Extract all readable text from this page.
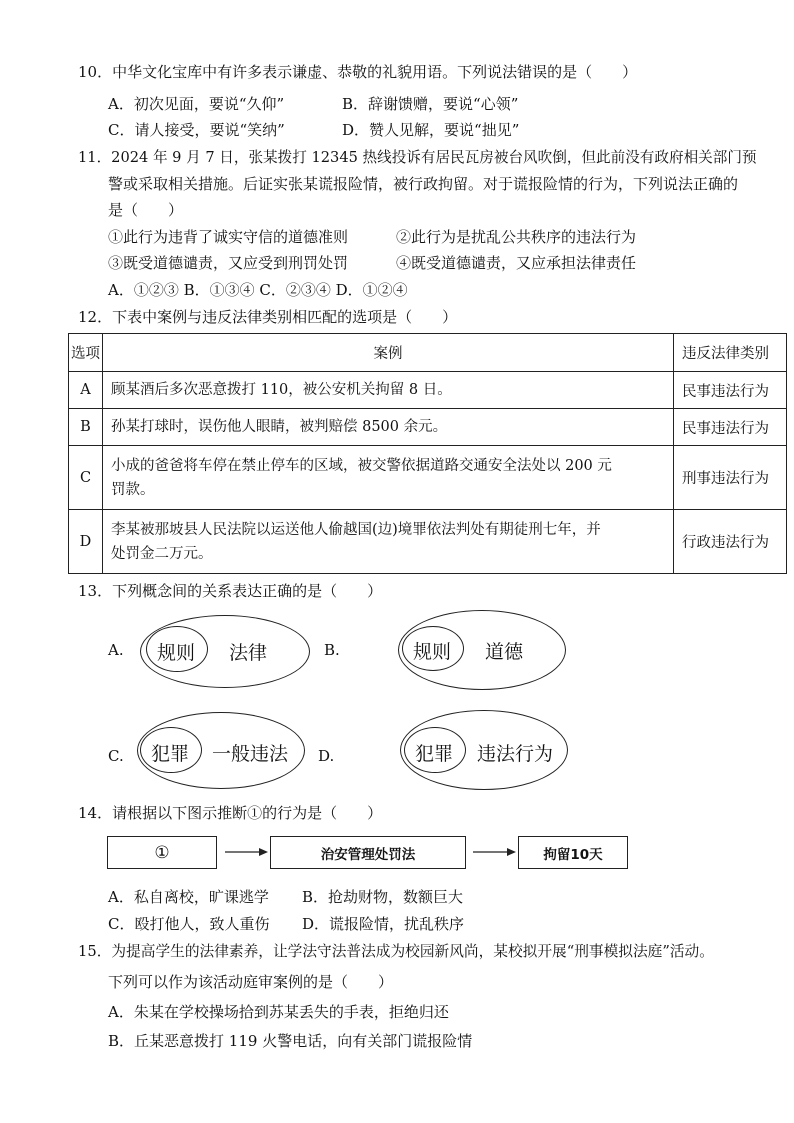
10．中华文化宝库中有许多表示谦虚、恭敬的礼貌用语。下列说法错误的是（　　）
A．初次见面，要说“久仰”	B．辞谢馈赠，要说“心领”
C．请人接受，要说“笑纳”	D．赞人见解，要说“拙见”
11．2024 年 9 月 7 日，张某拨打 12345 热线投诉有居民瓦房被台风吹倒，但此前没有政府相关部门预
警或采取相关措施。后证实张某谎报险情，被行政拘留。对于谎报险情的行为，下列说法正确的
是（　　）
①此行为违背了诚实守信的道德准则	②此行为是扰乱公共秩序的违法行为
③既受道德谴责，又应受到刑罚处罚	④既受道德谴责，又应承担法律责任
A．①②③ B．①③④ C．②③④ D．①②④
12．下表中案例与违反法律类别相匹配的选项是（　　）
选项	案例	违反法律类别
A	顾某酒后多次恶意拨打 110，被公安机关拘留 8 日。	民事违法行为
B	孙某打球时，误伤他人眼睛，被判赔偿 8500 余元。	民事违法行为
C	小成的爸爸将车停在禁止停车的区域，被交警依据道路交通安全法处以 200 元
罚款。	刑事违法行为
D	李某被那坡县人民法院以运送他人偷越国(边)境罪依法判处有期徒刑七年，并
处罚金二万元。	行政违法行为
13．下列概念间的关系表达正确的是（　　）
A. 规则 法律	B.	规则 道德
C. 犯罪 一般违法 D.	犯罪 违法行为
14．请根据以下图示推断①的行为是（　　）
①	治安管理处罚法	拘留10天
A．私自离校，旷课逃学 B．抢劫财物，数额巨大
C．殴打他人，致人重伤 D．谎报险情，扰乱秩序
15．为提高学生的法律素养，让学法守法普法成为校园新风尚，某校拟开展“刑事模拟法庭”活动。
下列可以作为该活动庭审案例的是（　　）
A．朱某在学校操场拾到苏某丢失的手表，拒绝归还
B．丘某恶意拨打 119 火警电话，向有关部门谎报险情
